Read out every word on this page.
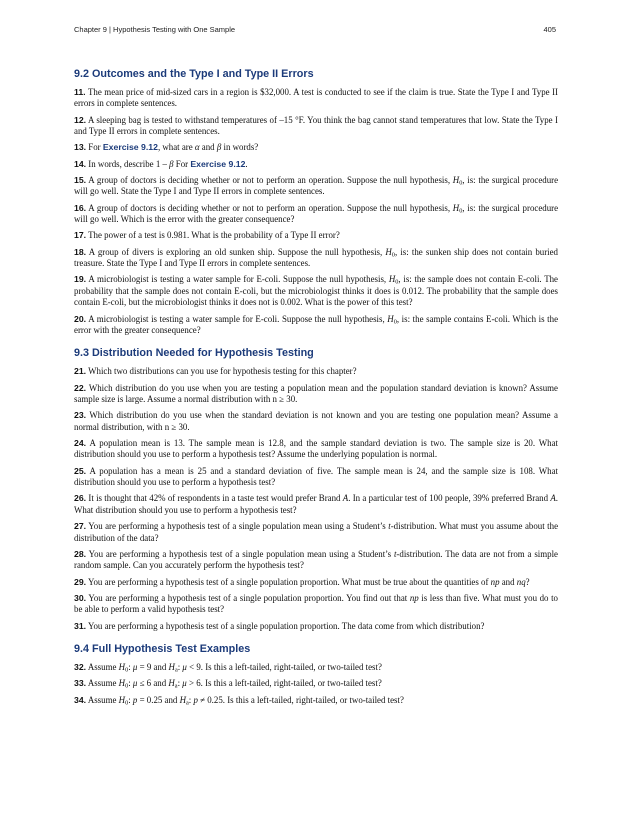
Chapter 9 | Hypothesis Testing with One Sample	405
9.2 Outcomes and the Type I and Type II Errors

11. The mean price of mid-sized cars in a region is $32,000. A test is conducted to see if the claim is true. State the Type I and Type II errors in complete sentences.

12. A sleeping bag is tested to withstand temperatures of –15 °F. You think the bag cannot stand temperatures that low. State the Type I and Type II errors in complete sentences.

13. For Exercise 9.12, what are α and β in words?

14. In words, describe 1 – β For Exercise 9.12.

15. A group of doctors is deciding whether or not to perform an operation. Suppose the null hypothesis, $H_0$, is: the surgical procedure will go well. State the Type I and Type II errors in complete sentences.

16. A group of doctors is deciding whether or not to perform an operation. Suppose the null hypothesis, $H_0$, is: the surgical procedure will go well. Which is the error with the greater consequence?

17. The power of a test is 0.981. What is the probability of a Type II error?

18. A group of divers is exploring an old sunken ship. Suppose the null hypothesis, $H_0$, is: the sunken ship does not contain buried treasure. State the Type I and Type II errors in complete sentences.

19. A microbiologist is testing a water sample for E-coli. Suppose the null hypothesis, $H_0$, is: the sample does not contain E-coli. The probability that the sample does not contain E-coli, but the microbiologist thinks it does is 0.012. The probability that the sample does contain E-coli, but the microbiologist thinks it does not is 0.002. What is the power of this test?

20. A microbiologist is testing a water sample for E-coli. Suppose the null hypothesis, $H_0$, is: the sample contains E-coli. Which is the error with the greater consequence?

9.3 Distribution Needed for Hypothesis Testing

21. Which two distributions can you use for hypothesis testing for this chapter?

22. Which distribution do you use when you are testing a population mean and the population standard deviation is known? Assume sample size is large. Assume a normal distribution with n ≥ 30.

23. Which distribution do you use when the standard deviation is not known and you are testing one population mean? Assume a normal distribution, with n ≥ 30.

24. A population mean is 13. The sample mean is 12.8, and the sample standard deviation is two. The sample size is 20. What distribution should you use to perform a hypothesis test? Assume the underlying population is normal.

25. A population has a mean is 25 and a standard deviation of five. The sample mean is 24, and the sample size is 108. What distribution should you use to perform a hypothesis test?

26. It is thought that 42% of respondents in a taste test would prefer Brand A. In a particular test of 100 people, 39% preferred Brand A. What distribution should you use to perform a hypothesis test?

27. You are performing a hypothesis test of a single population mean using a Student’s t-distribution. What must you assume about the distribution of the data?

28. You are performing a hypothesis test of a single population mean using a Student’s t-distribution. The data are not from a simple random sample. Can you accurately perform the hypothesis test?

29. You are performing a hypothesis test of a single population proportion. What must be true about the quantities of np and nq?

30. You are performing a hypothesis test of a single population proportion. You find out that np is less than five. What must you do to be able to perform a valid hypothesis test?

31. You are performing a hypothesis test of a single population proportion. The data come from which distribution?

9.4 Full Hypothesis Test Examples

32. Assume $H_0$: μ = 9 and $H_a$: μ < 9. Is this a left-tailed, right-tailed, or two-tailed test?

33. Assume $H_0$: μ ≤ 6 and $H_a$: μ > 6. Is this a left-tailed, right-tailed, or two-tailed test?

34. Assume $H_0$: p = 0.25 and $H_a$: p ≠ 0.25. Is this a left-tailed, right-tailed, or two-tailed test?
